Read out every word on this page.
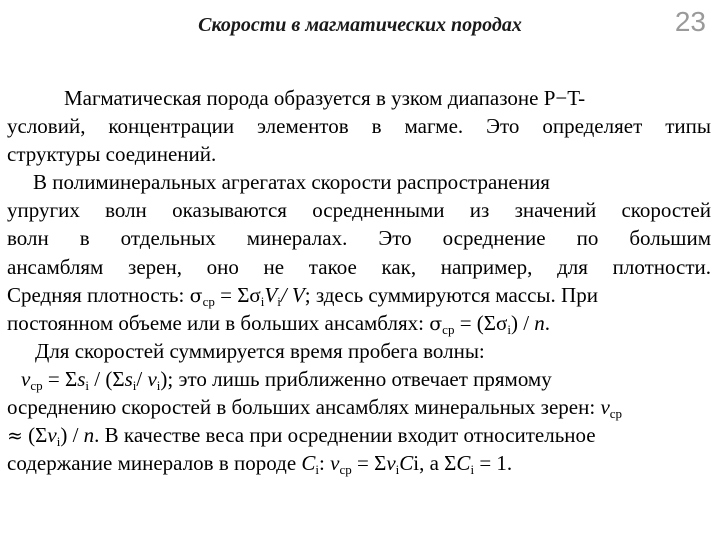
Скорости в магматических породах	23
Магматическая порода образуется в узком диапазоне P−T-
условий, концентрации элементов в магме. Это определяет типы
структуры соединений.
В полиминеральных агрегатах скорости распространения
упругих волн оказываются осредненными из значений скоростей
волн в отдельных минералах. Это осреднение по большим
ансамблям зерен, оно не такое как, например, для плотности.
Средняя плотность: $\sigma_{ср} = \Sigma\sigma_iV_i/$ V; здесь суммируются массы. При
постоянном объеме или в больших ансамблях: $\sigma_{ср} = (\Sigma\sigma_i) / n$.
Для скоростей суммируется время пробега волны:
$v_{ср} = \Sigma s_i / (\Sigma s_i/$ $v_i$); это лишь приближенно отвечает прямому
осреднению скоростей в больших ансамблях минеральных зерен: $v_{ср}$
≈ $(\Sigma v_i)$ / n. В качестве веса при осреднении входит относительное
содержание минералов в породе $C_i$: $v_{ср} = \Sigma v_iCi$, а $\Sigma C_i = 1$.
